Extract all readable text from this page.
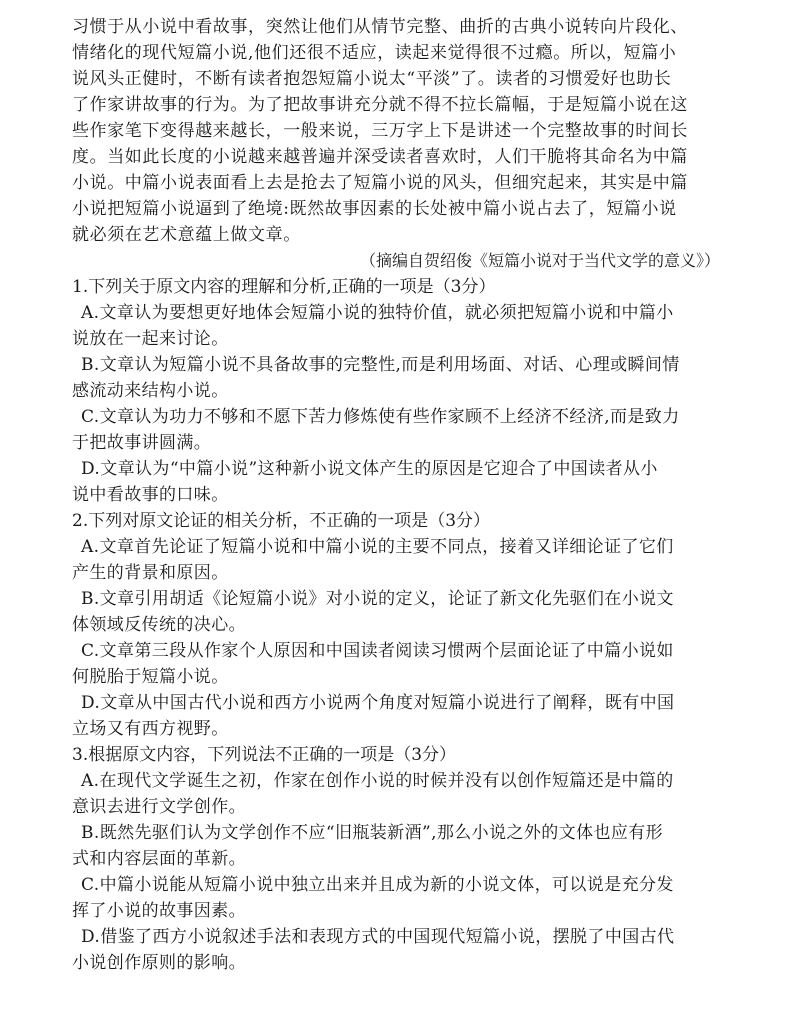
习惯于从小说中看故事，突然让他们从情节完整、曲折的古典小说转向片段化、

情绪化的现代短篇小说,他们还很不适应，读起来觉得很不过瘾。所以，短篇小

说风头正健时，不断有读者抱怨短篇小说太“平淡”了。读者的习惯爱好也助长

了作家讲故事的行为。为了把故事讲充分就不得不拉长篇幅，于是短篇小说在这

些作家笔下变得越来越长，一般来说，三万字上下是讲述一个完整故事的时间长

度。当如此长度的小说越来越普遍并深受读者喜欢时，人们干脆将其命名为中篇

小说。中篇小说表面看上去是抢去了短篇小说的风头，但细究起来，其实是中篇

小说把短篇小说逼到了绝境:既然故事因素的长处被中篇小说占去了，短篇小说

就必须在艺术意蕴上做文章。

（摘编自贺绍俊《短篇小说对于当代文学的意义》）

1.下列关于原文内容的理解和分析,正确的一项是（3分）

A.文章认为要想更好地体会短篇小说的独特价值，就必须把短篇小说和中篇小

说放在一起来讨论。

B.文章认为短篇小说不具备故事的完整性,而是利用场面、对话、心理或瞬间情

感流动来结构小说。

C.文章认为功力不够和不愿下苦力修炼使有些作家顾不上经济不经济,而是致力

于把故事讲圆满。

D.文章认为“中篇小说”这种新小说文体产生的原因是它迎合了中国读者从小

说中看故事的口味。

2.下列对原文论证的相关分析，不正确的一项是（3分）

A.文章首先论证了短篇小说和中篇小说的主要不同点，接着又详细论证了它们

产生的背景和原因。

B.文章引用胡适《论短篇小说》对小说的定义，论证了新文化先驱们在小说文

体领域反传统的决心。

C.文章第三段从作家个人原因和中国读者阅读习惯两个层面论证了中篇小说如

何脱胎于短篇小说。

D.文章从中国古代小说和西方小说两个角度对短篇小说进行了阐释，既有中国

立场又有西方视野。

3.根据原文内容，下列说法不正确的一项是（3分）

A.在现代文学诞生之初，作家在创作小说的时候并没有以创作短篇还是中篇的

意识去进行文学创作。

B.既然先驱们认为文学创作不应“旧瓶装新酒”,那么小说之外的文体也应有形

式和内容层面的革新。

C.中篇小说能从短篇小说中独立出来并且成为新的小说文体，可以说是充分发

挥了小说的故事因素。

D.借鉴了西方小说叙述手法和表现方式的中国现代短篇小说，摆脱了中国古代

小说创作原则的影响。
